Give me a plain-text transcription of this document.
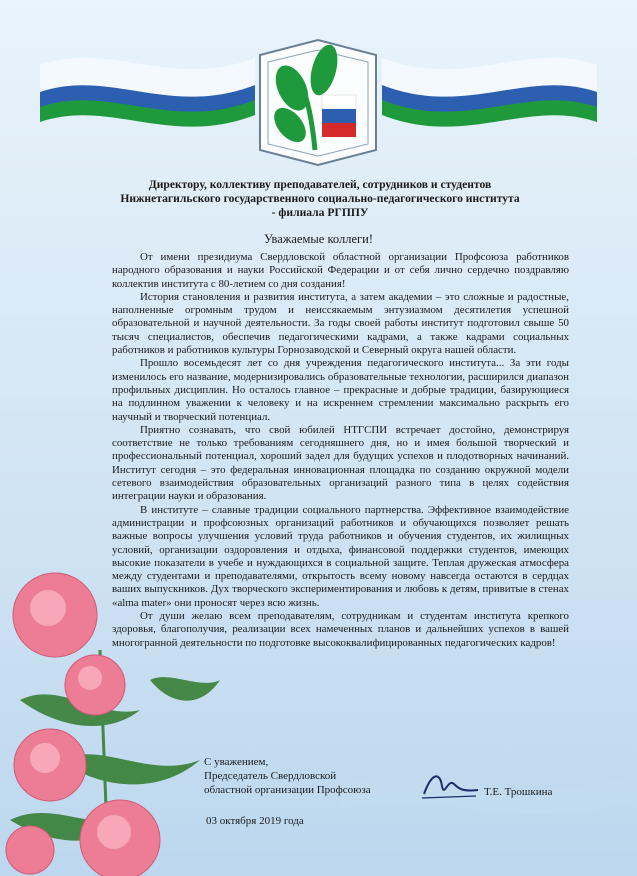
Директору, коллективу преподавателей, сотрудников и студентов
Нижнетагильского государственного социально-педагогического института
- филиала РГППУ
Уважаемые коллеги!

От имени президиума Свердловской областной организации Профсоюза работников народного образования и науки Российской Федерации и от себя лично сердечно поздравляю коллектив института с 80-летием со дня создания!

История становления и развития института, а затем академии – это сложные и радостные, наполненные огромным трудом и неиссякаемым энтузиазмом десятилетия успешной образовательной и научной деятельности. За годы своей работы институт подготовил свыше 50 тысяч специалистов, обеспечив педагогическими кадрами, а также кадрами социальных работников и работников культуры Горнозаводской и Северный округа нашей области.

Прошло восемьдесят лет со дня учреждения педагогического института... За эти годы изменилось его название, модернизировались образовательные технологии, расширился диапазон профильных дисциплин. Но осталось главное – прекрасные и добрые традиции, базирующиеся на подлинном уважении к человеку и на искреннем стремлении максимально раскрыть его научный и творческий потенциал.

Приятно сознавать, что свой юбилей НТГСПИ встречает достойно, демонстрируя соответствие не только требованиям сегодняшнего дня, но и имея большой творческий и профессиональный потенциал, хороший задел для будущих успехов и плодотворных начинаний. Институт сегодня – это федеральная инновационная площадка по созданию окружной модели сетевого взаимодействия образовательных организаций разного типа в целях содействия интеграции науки и образования.

В институте – славные традиции социального партнерства. Эффективное взаимодействие администрации и профсоюзных организаций работников и обучающихся позволяет решать важные вопросы улучшения условий труда работников и обучения студентов, их жилищных условий, организации оздоровления и отдыха, финансовой поддержки студентов, имеющих высокие показатели в учебе и нуждающихся в социальной защите. Теплая дружеская атмосфера между студентами и преподавателями, открытость всему новому навсегда остаются в сердцах ваших выпускников. Дух творческого экспериментирования и любовь к детям, привитые в стенах «alma mater» они проносят через всю жизнь.

От души желаю всем преподавателям, сотрудникам и студентам института крепкого здоровья, благополучия, реализации всех намеченных планов и дальнейших успехов в вашей многогранной деятельности по подготовке высококвалифицированных педагогических кадров!

С уважением,
Председатель Свердловской
областной организации Профсоюза	Т.Е. Трошкина
03 октября 2019 года
